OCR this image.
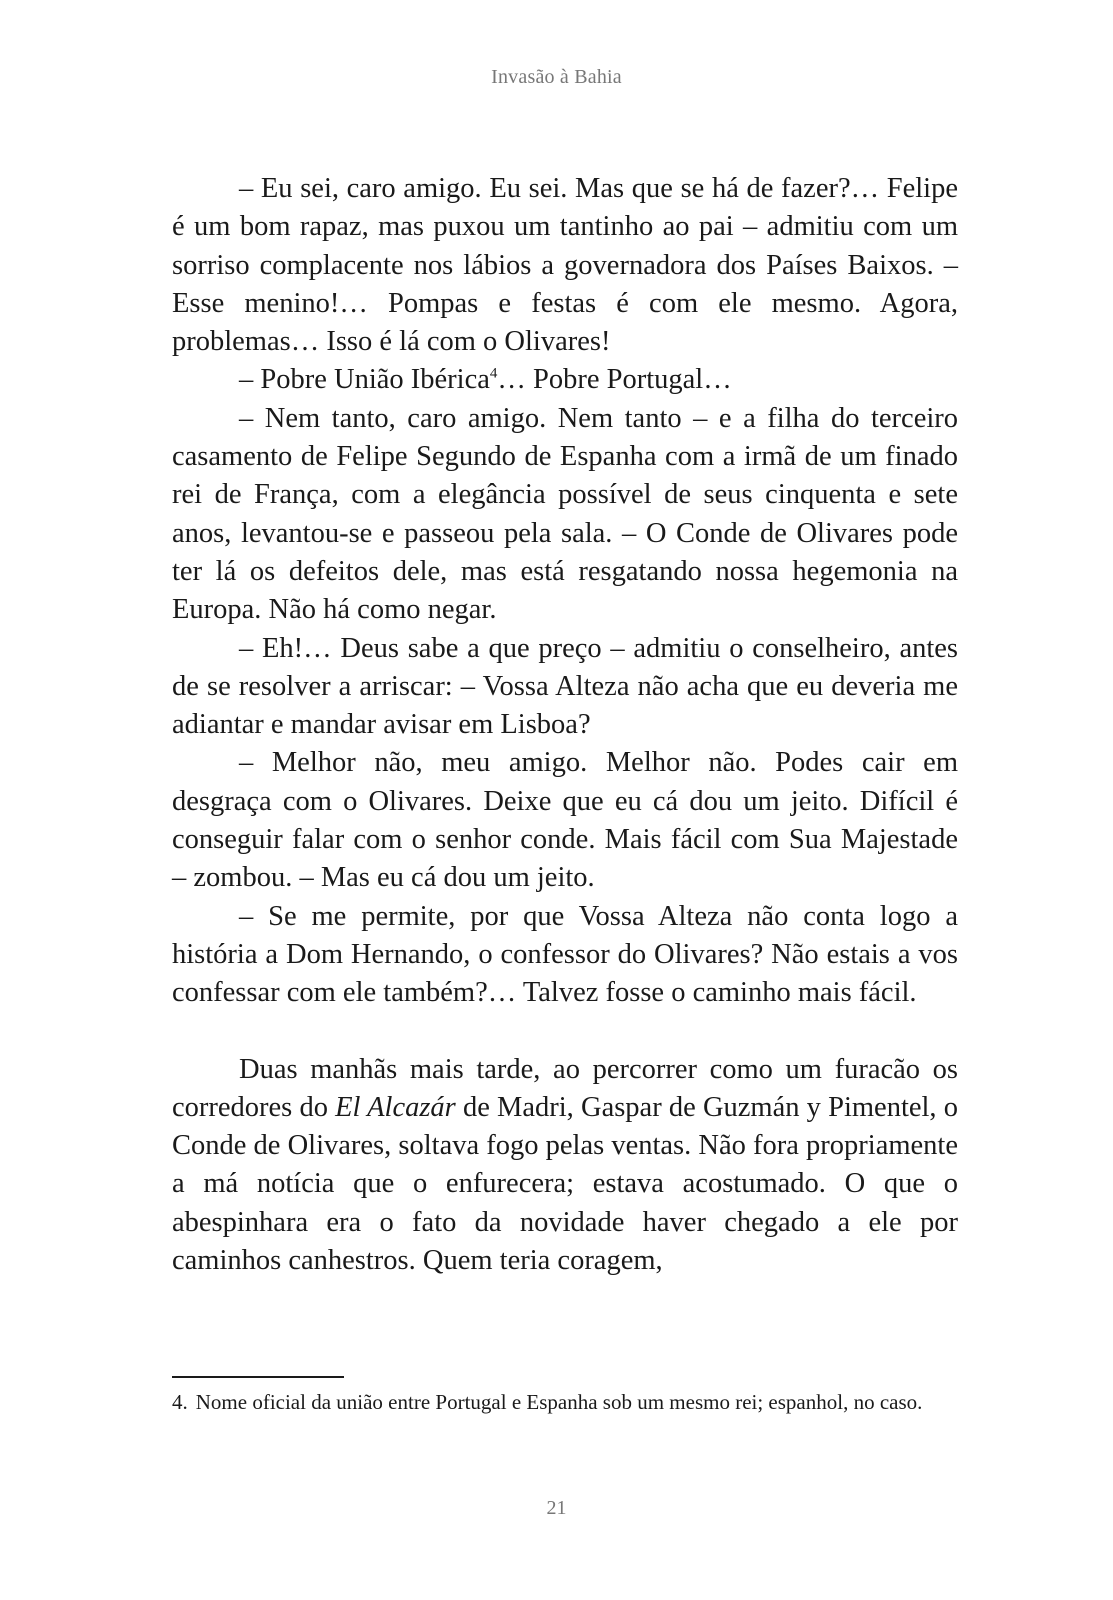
Invasão à Bahia

– Eu sei, caro amigo. Eu sei. Mas que se há de fazer?… Felipe é um bom rapaz, mas puxou um tantinho ao pai – admitiu com um sorriso complacente nos lábios a governadora dos Países Baixos. – Esse menino!… Pompas e festas é com ele mesmo. Agora, problemas… Isso é lá com o Olivares!

– Pobre União Ibérica$^4$… Pobre Portugal…

– Nem tanto, caro amigo. Nem tanto – e a filha do terceiro casamento de Felipe Segundo de Espanha com a irmã de um finado rei de França, com a elegância possível de seus cinquenta e sete anos, levantou-se e passeou pela sala. – O Conde de Olivares pode ter lá os defeitos dele, mas está resgatando nossa hegemonia na Europa. Não há como negar.

– Eh!… Deus sabe a que preço – admitiu o conselheiro, antes de se resolver a arriscar: – Vossa Alteza não acha que eu deveria me adiantar e mandar avisar em Lisboa?

– Melhor não, meu amigo. Melhor não. Podes cair em desgraça com o Olivares. Deixe que eu cá dou um jeito. Difícil é conseguir falar com o senhor conde. Mais fácil com Sua Majestade – zombou. – Mas eu cá dou um jeito.

– Se me permite, por que Vossa Alteza não conta logo a história a Dom Hernando, o confessor do Olivares? Não estais a vos confessar com ele também?… Talvez fosse o caminho mais fácil.

Duas manhãs mais tarde, ao percorrer como um furacão os corredores do El Alcazár de Madri, Gaspar de Guzmán y Pimentel, o Conde de Olivares, soltava fogo pelas ventas. Não fora propriamente a má notícia que o enfurecera; estava acostumado. O que o abespinhara era o fato da novidade haver chegado a ele por caminhos canhestros. Quem teria coragem,

4. Nome oficial da união entre Portugal e Espanha sob um mesmo rei; espanhol, no caso.
21
